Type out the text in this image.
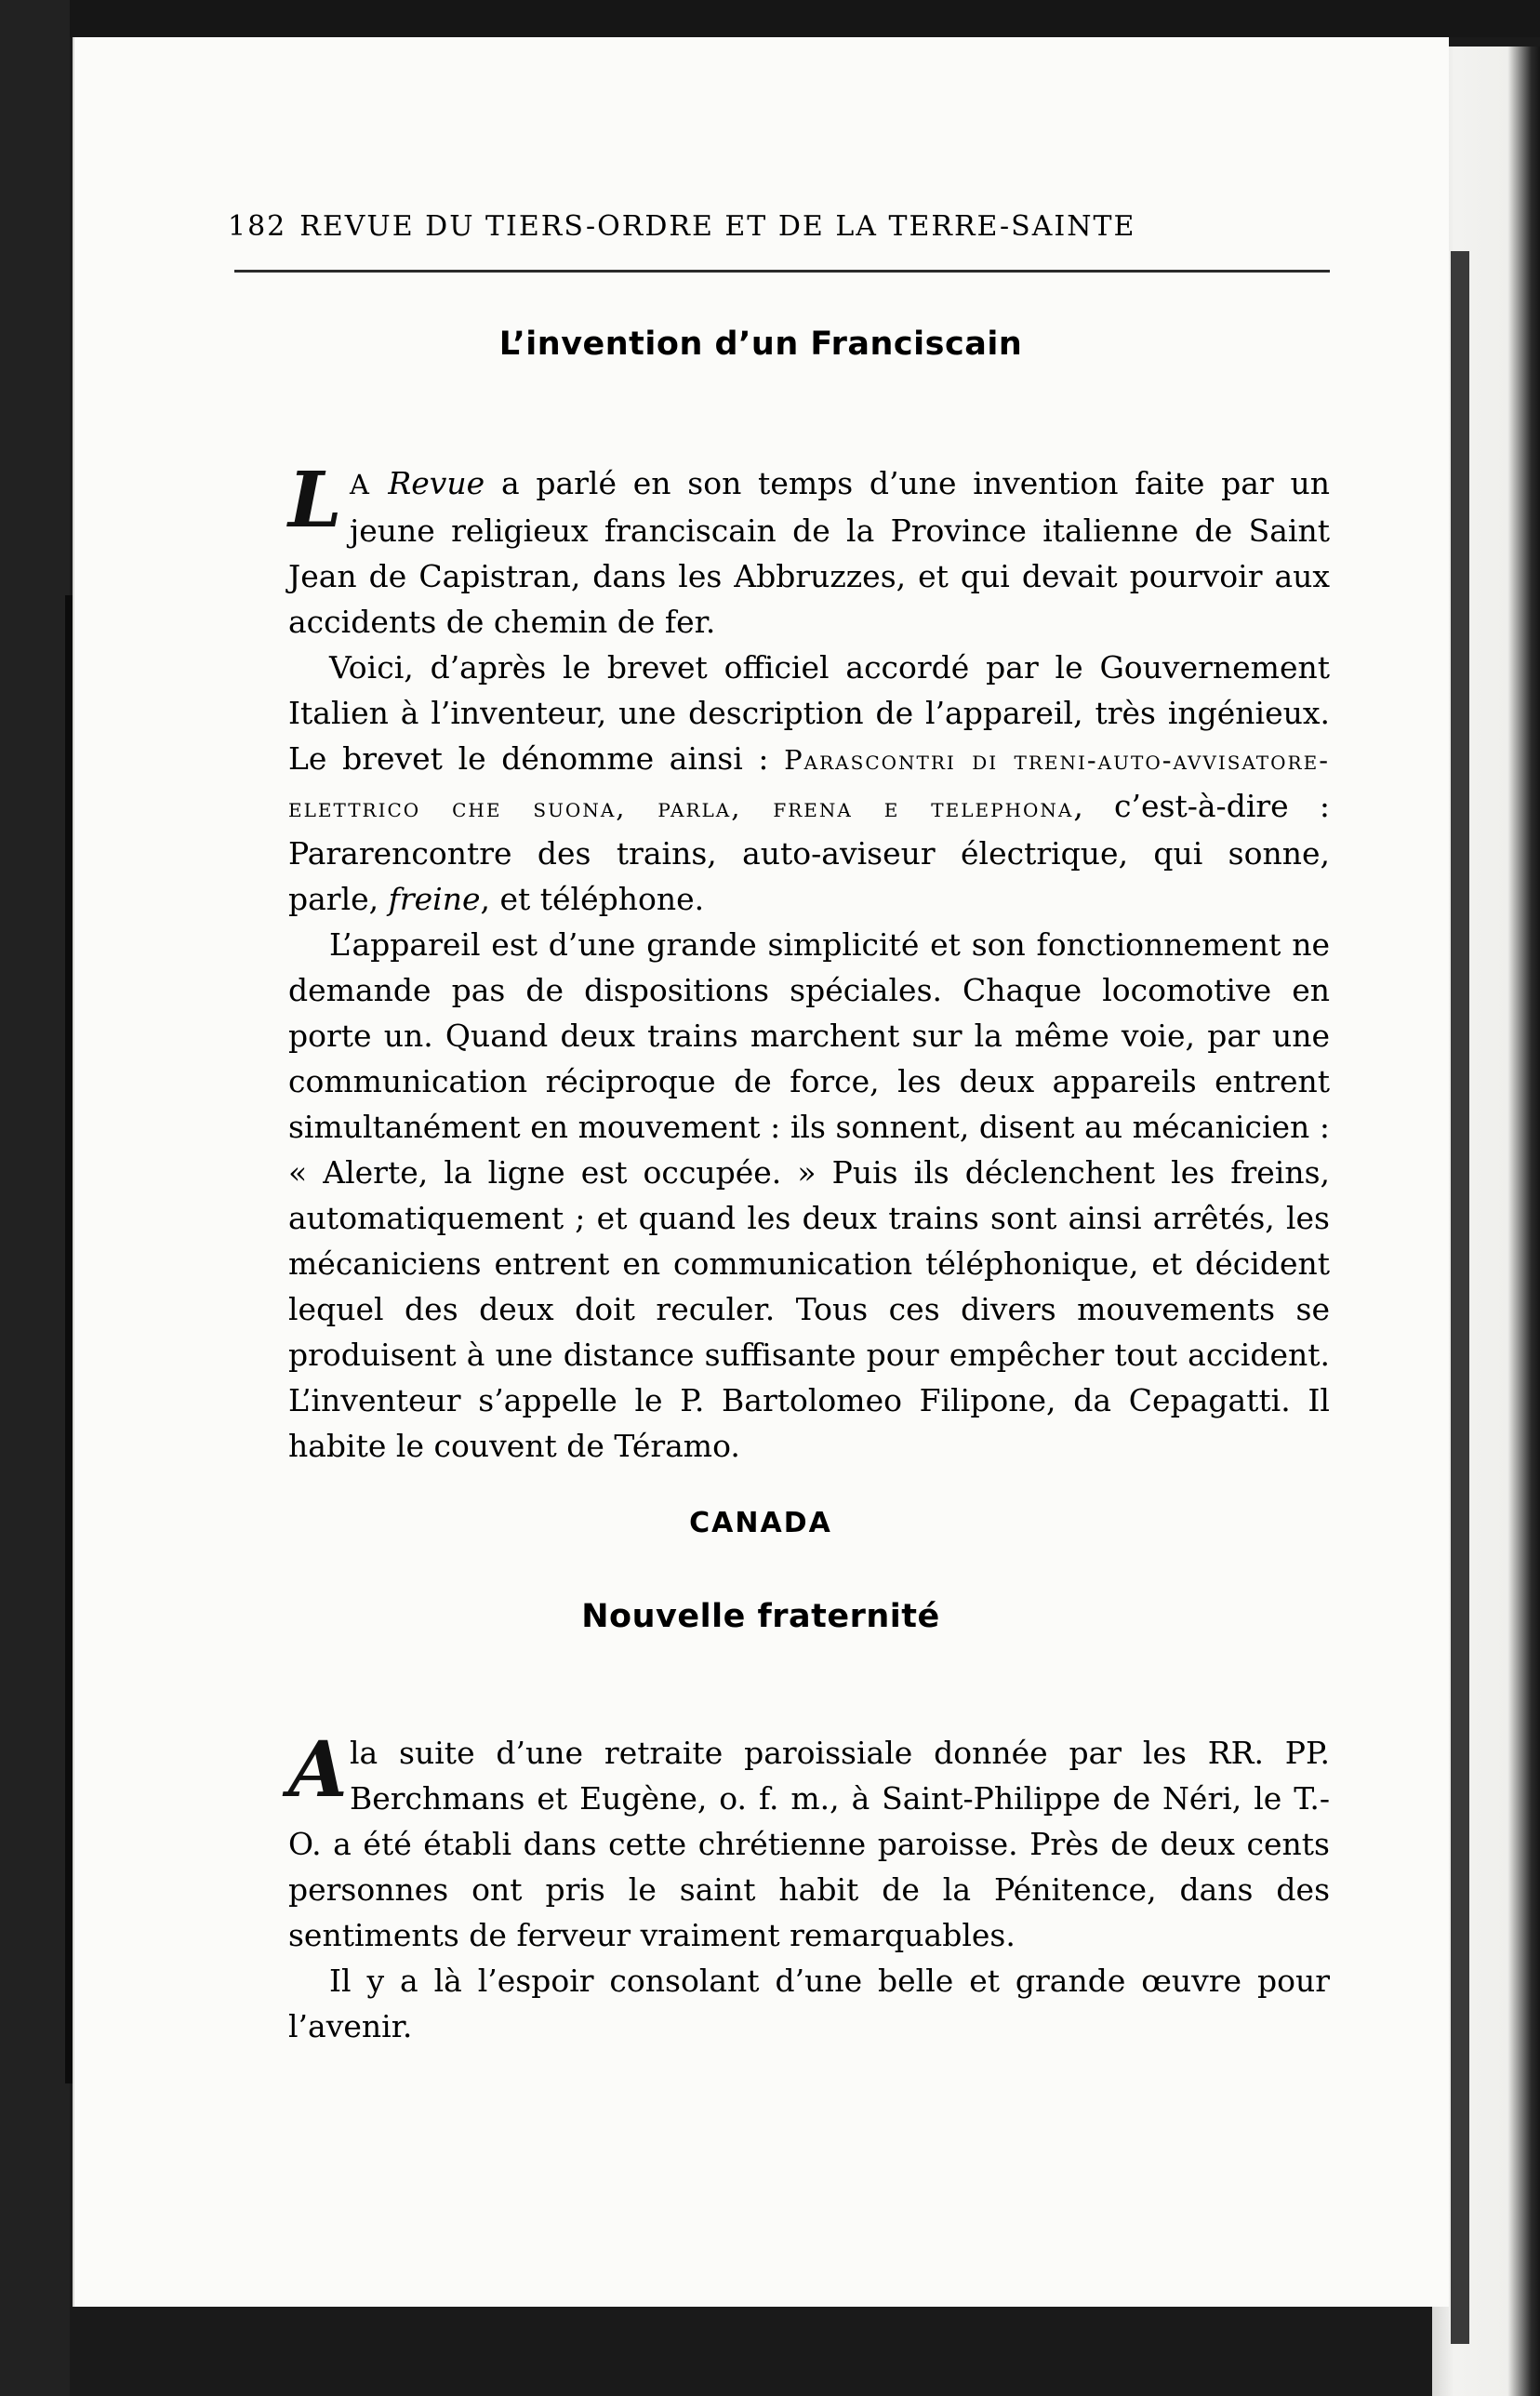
182 REVUE DU TIERS-ORDRE ET DE LA TERRE-SAINTE
L’invention d’un Franciscain

L A Revue a parlé en son temps d’une invention faite par un jeune religieux franciscain de la Province italienne de Saint Jean de Capistran, dans les Abbruzzes, et qui devait pourvoir aux accidents de chemin de fer.

Voici, d’après le brevet officiel accordé par le Gouvernement Italien à l’inventeur, une description de l’appareil, très ingénieux. Le brevet le dénomme ainsi : Parascontri di treni-auto-avvisatore-elettrico che suona, parla, frena e telephona, c’est-à-dire : Pararencontre des trains, auto-aviseur électrique, qui sonne, parle, freine, et téléphone.

L’appareil est d’une grande simplicité et son fonctionnement ne demande pas de dispositions spéciales. Chaque locomotive en porte un. Quand deux trains marchent sur la même voie, par une communication réciproque de force, les deux appareils entrent simultanément en mouvement : ils sonnent, disent au mécanicien : « Alerte, la ligne est occupée. » Puis ils déclenchent les freins, automatiquement ; et quand les deux trains sont ainsi arrêtés, les mécaniciens entrent en communication téléphonique, et décident lequel des deux doit reculer. Tous ces divers mouvements se produisent à une distance suffisante pour empêcher tout accident. L’inventeur s’appelle le P. Bartolomeo Filipone, da Cepagatti. Il habite le couvent de Téramo.

CANADA
Nouvelle fraternité

A la suite d’une retraite paroissiale donnée par les RR. PP. Berchmans et Eugène, o. f. m., à Saint-Philippe de Néri, le T.-O. a été établi dans cette chrétienne paroisse. Près de deux cents personnes ont pris le saint habit de la Pénitence, dans des sentiments de ferveur vraiment remarquables.

Il y a là l’espoir consolant d’une belle et grande œuvre pour l’avenir.
